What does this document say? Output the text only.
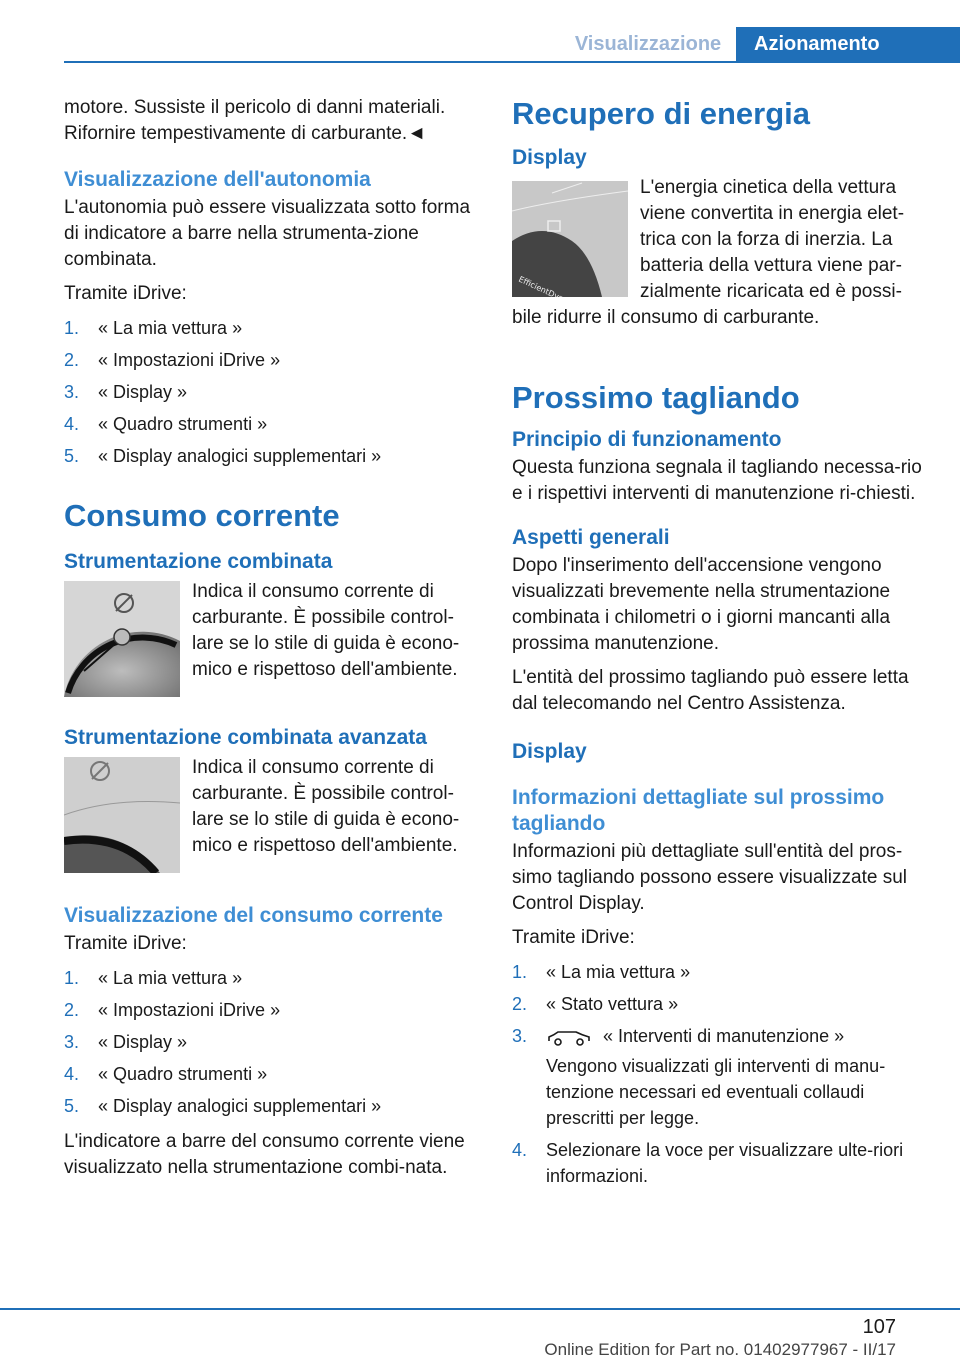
Visualizzazione	Azionamento

motore. Sussiste il pericolo di danni materiali. Rifornire tempestivamente di carburante.◄

Visualizzazione dell'autonomia

L'autonomia può essere visualizzata sotto forma di indicatore a barre nella strumenta‐zione combinata.

Tramite iDrive:

1. « La mia vettura »
2. « Impostazioni iDrive »
3. « Display »
4. « Quadro strumenti »
5. « Display analogici supplementari »
Consumo corrente
Strumentazione combinata

Indica il consumo corrente di carburante. È possibile control‐lare se lo stile di guida è econo‐mico e rispettoso dell'ambiente.

Strumentazione combinata avanzata

Indica il consumo corrente di carburante. È possibile control‐lare se lo stile di guida è econo‐mico e rispettoso dell'ambiente.

Visualizzazione del consumo corrente

Tramite iDrive:

1. « La mia vettura »
2. « Impostazioni iDrive »
3. « Display »
4. « Quadro strumenti »
5. « Display analogici supplementari »

L'indicatore a barre del consumo corrente viene visualizzato nella strumentazione combi‐nata.

Recupero di energia
Display

L'energia cinetica della vettura viene convertita in energia elet‐trica con la forza di inerzia. La batteria della vettura viene par‐zialmente ricaricata ed è possi‐bile ridurre il consumo di carburante.

Prossimo tagliando
Principio di funzionamento

Questa funziona segnala il tagliando necessa‐rio e i rispettivi interventi di manutenzione ri‐chiesti.

Aspetti generali

Dopo l'inserimento dell'accensione vengono visualizzati brevemente nella strumentazione combinata i chilometri o i giorni mancanti alla prossima manutenzione.

L'entità del prossimo tagliando può essere letta dal telecomando nel Centro Assistenza.

Display
Informazioni dettagliate sul prossimo tagliando

Informazioni più dettagliate sull'entità del pros‐simo tagliando possono essere visualizzate sul Control Display.

Tramite iDrive:

1. « La mia vettura »
2. « Stato vettura »
3.	« Interventi di manutenzione »
Vengono visualizzati gli interventi di manu‐tenzione necessari ed eventuali collaudi prescritti per legge.
4. Selezionare la voce per visualizzare ulte‐riori informazioni.
107
Online Edition for Part no. 01402977967 - II/17
